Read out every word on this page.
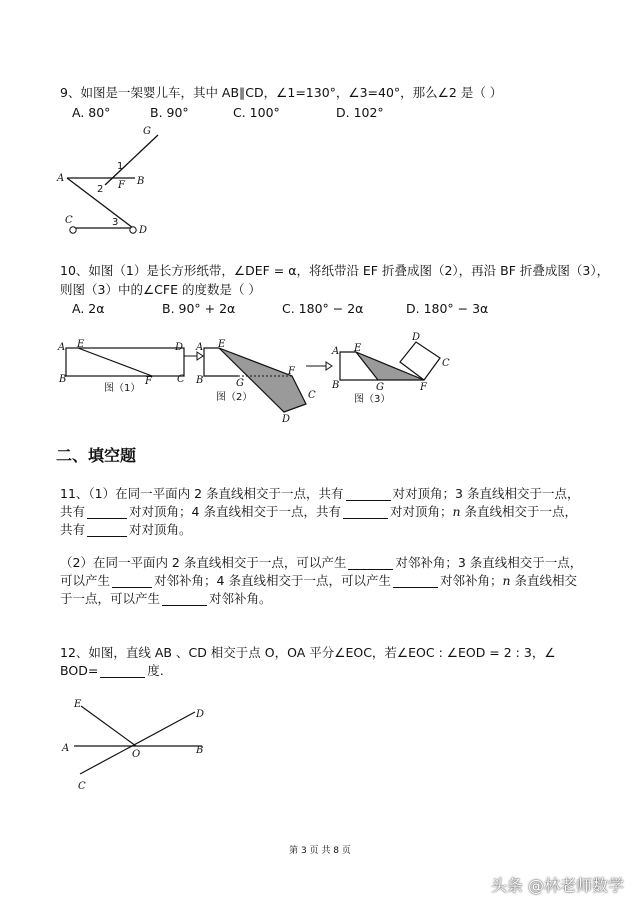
9、如图是一架婴儿车，其中 AB∥CD，∠1=130°，∠3=40°，那么∠2 是（ ）
A. 80°	B. 90°	C. 100°	D. 102°
G
1
A
F B
2
C	3
D
10、如图（1）是长方形纸带，∠DEF = α，将纸带沿 EF 折叠成图（2），再沿 BF 折叠成图（3），
则图（3）中的∠CFE 的度数是（ ）
A. 2α	B. 90° + 2α	C. 180° − 2α	D. 180° − 3α
A E	D
B	F	C
图（1）
A E
B	G
F
C
D
图（2）
D
A E
C
B	G	F
图（3）
二、填空题
11、（1）在同一平面内 2 条直线相交于一点，共有	对对顶角；3 条直线相交于一点，
共有	对对顶角；4 条直线相交于一点，共有	对对顶角；n 条直线相交于一点，
共有	对对顶角。
（2）在同一平面内 2 条直线相交于一点，可以产生	对邻补角；3 条直线相交于一点，
可以产生	对邻补角；4 条直线相交于一点，可以产生	对邻补角；n 条直线相交
于一点，可以产生	对邻补角。
12、如图，直线 AB 、CD 相交于点 O，OA 平分∠EOC，若∠EOC : ∠EOD = 2 : 3，∠
BOD=	度.
E
D
A
O	B
C
第 3 页 共 8 页
头条 @林老师数学
